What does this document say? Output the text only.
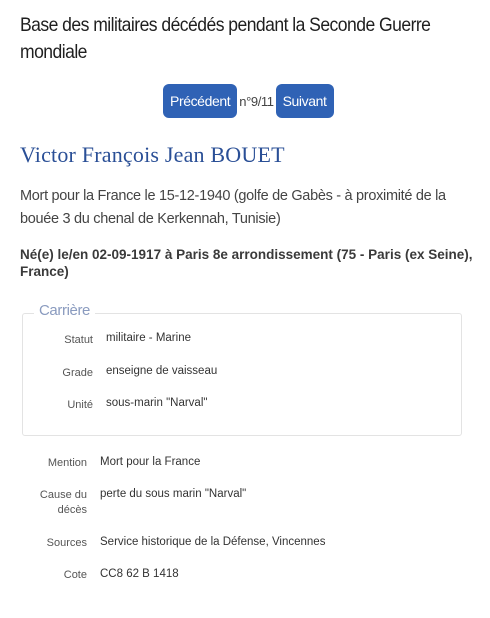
Base des militaires décédés pendant la Seconde Guerre mondiale
Précédent n°9/11 Suivant
Victor François Jean BOUET
Mort pour la France le 15-12-1940 (golfe de Gabès - à proximité de la bouée 3 du chenal de Kerkennah, Tunisie)
Né(e) le/en 02-09-1917 à Paris 8e arrondissement (75 - Paris (ex Seine), France)
Carrière
Statut militaire - Marine
Grade enseigne de vaisseau
Unité sous-marin "Narval"
Mention Mort pour la France
Cause du décès
perte du sous marin "Narval"
Sources Service historique de la Défense, Vincennes
Cote CC8 62 B 1418
